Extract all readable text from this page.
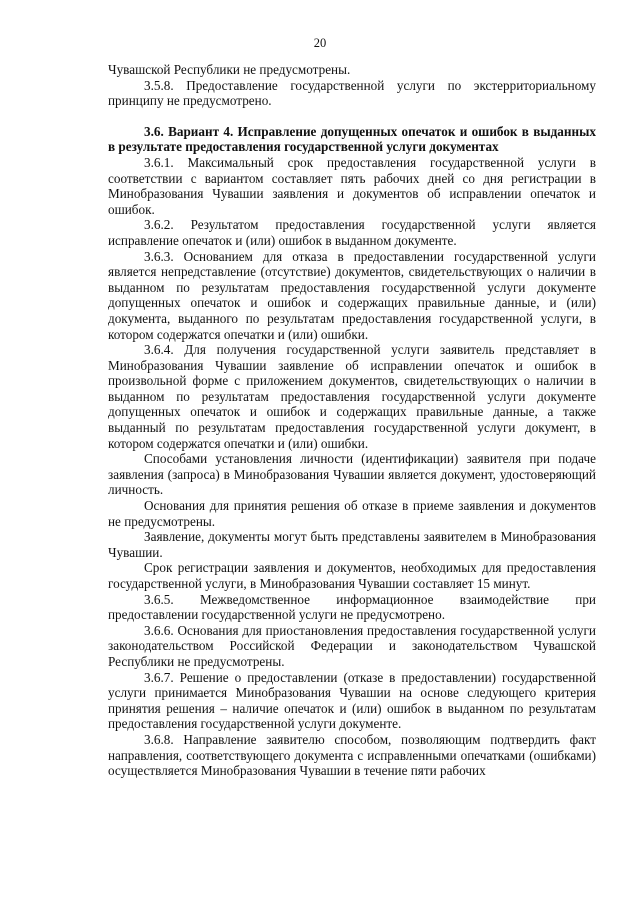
20

Чувашской Республики не предусмотрены.

3.5.8. Предоставление государственной услуги по экстерриториальному принципу не предусмотрено.

3.6. Вариант 4. Исправление допущенных опечаток и ошибок в выданных в результате предоставления государственной услуги документах

3.6.1. Максимальный срок предоставления государственной услуги в соответствии с вариантом составляет пять рабочих дней со дня регистрации в Минобразования Чувашии заявления и документов об исправлении опечаток и ошибок.

3.6.2. Результатом предоставления государственной услуги является исправление опечаток и (или) ошибок в выданном документе.

3.6.3. Основанием для отказа в предоставлении государственной услуги является непредставление (отсутствие) документов, свидетельствующих о наличии в выданном по результатам предоставления государственной услуги документе допущенных опечаток и ошибок и содержащих правильные данные, и (или) документа, выданного по результатам предоставления государственной услуги, в котором содержатся опечатки и (или) ошибки.

3.6.4. Для получения государственной услуги заявитель представляет в Минобразования Чувашии заявление об исправлении опечаток и ошибок в произвольной форме с приложением документов, свидетельствующих о наличии в выданном по результатам предоставления государственной услуги документе допущенных опечаток и ошибок и содержащих правильные данные, а также выданный по результатам предоставления государственной услуги документ, в котором содержатся опечатки и (или) ошибки.

Способами установления личности (идентификации) заявителя при подаче заявления (запроса) в Минобразования Чувашии является документ, удостоверяющий личность.

Основания для принятия решения об отказе в приеме заявления и документов не предусмотрены.

Заявление, документы могут быть представлены заявителем в Минобразования Чувашии.

Срок регистрации заявления и документов, необходимых для предоставления государственной услуги, в Минобразования Чувашии составляет 15 минут.

3.6.5. Межведомственное информационное взаимодействие при предоставлении государственной услуги не предусмотрено.

3.6.6. Основания для приостановления предоставления государственной услуги законодательством Российской Федерации и законодательством Чувашской Республики не предусмотрены.

3.6.7. Решение о предоставлении (отказе в предоставлении) государственной услуги принимается Минобразования Чувашии на основе следующего критерия принятия решения – наличие опечаток и (или) ошибок в выданном по результатам предоставления государственной услуги документе.

3.6.8. Направление заявителю способом, позволяющим подтвердить факт направления, соответствующего документа с исправленными опечатками (ошибками) осуществляется Минобразования Чувашии в течение пяти рабочих
